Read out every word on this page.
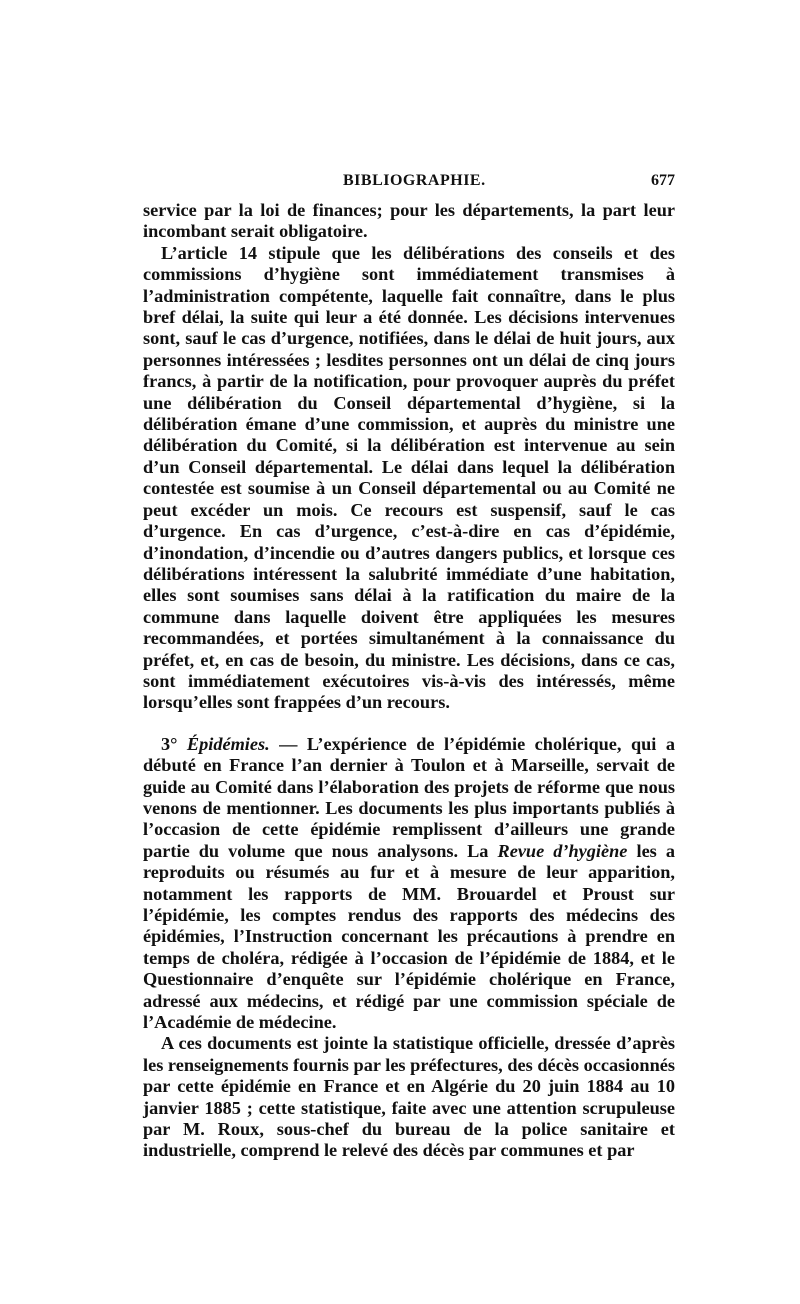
BIBLIOGRAPHIE.	677

service par la loi de finances; pour les départements, la part leur incombant serait obligatoire.

L’article 14 stipule que les délibérations des conseils et des commissions d’hygiène sont immédiatement transmises à l’administration compétente, laquelle fait connaître, dans le plus bref délai, la suite qui leur a été donnée. Les décisions intervenues sont, sauf le cas d’urgence, notifiées, dans le délai de huit jours, aux personnes intéressées ; lesdites personnes ont un délai de cinq jours francs, à partir de la notification, pour provoquer auprès du préfet une délibération du Conseil départemental d’hygiène, si la délibération émane d’une commission, et auprès du ministre une délibération du Comité, si la délibération est intervenue au sein d’un Conseil départemental. Le délai dans lequel la délibération contestée est soumise à un Conseil départemental ou au Comité ne peut excéder un mois. Ce recours est suspensif, sauf le cas d’urgence. En cas d’urgence, c’est-à-dire en cas d’épidémie, d’inondation, d’incendie ou d’autres dangers publics, et lorsque ces délibérations intéressent la salubrité immédiate d’une habitation, elles sont soumises sans délai à la ratification du maire de la commune dans laquelle doivent être appliquées les mesures recommandées, et portées simultanément à la connaissance du préfet, et, en cas de besoin, du ministre. Les décisions, dans ce cas, sont immédiatement exécutoires vis-à-vis des intéressés, même lorsqu’elles sont frappées d’un recours.

3° Épidémies. — L’expérience de l’épidémie cholérique, qui a débuté en France l’an dernier à Toulon et à Marseille, servait de guide au Comité dans l’élaboration des projets de réforme que nous venons de mentionner. Les documents les plus importants publiés à l’occasion de cette épidémie remplissent d’ailleurs une grande partie du volume que nous analysons. La Revue d’hygiène les a reproduits ou résumés au fur et à mesure de leur apparition, notamment les rapports de MM. Brouardel et Proust sur l’épidémie, les comptes rendus des rapports des médecins des épidémies, l’Instruction concernant les précautions à prendre en temps de choléra, rédigée à l’occasion de l’épidémie de 1884, et le Questionnaire d’enquête sur l’épidémie cholérique en France, adressé aux médecins, et rédigé par une commission spéciale de l’Académie de médecine.

A ces documents est jointe la statistique officielle, dressée d’après les renseignements fournis par les préfectures, des décès occasionnés par cette épidémie en France et en Algérie du 20 juin 1884 au 10 janvier 1885 ; cette statistique, faite avec une attention scrupuleuse par M. Roux, sous-chef du bureau de la police sanitaire et industrielle, comprend le relevé des décès par communes et par
